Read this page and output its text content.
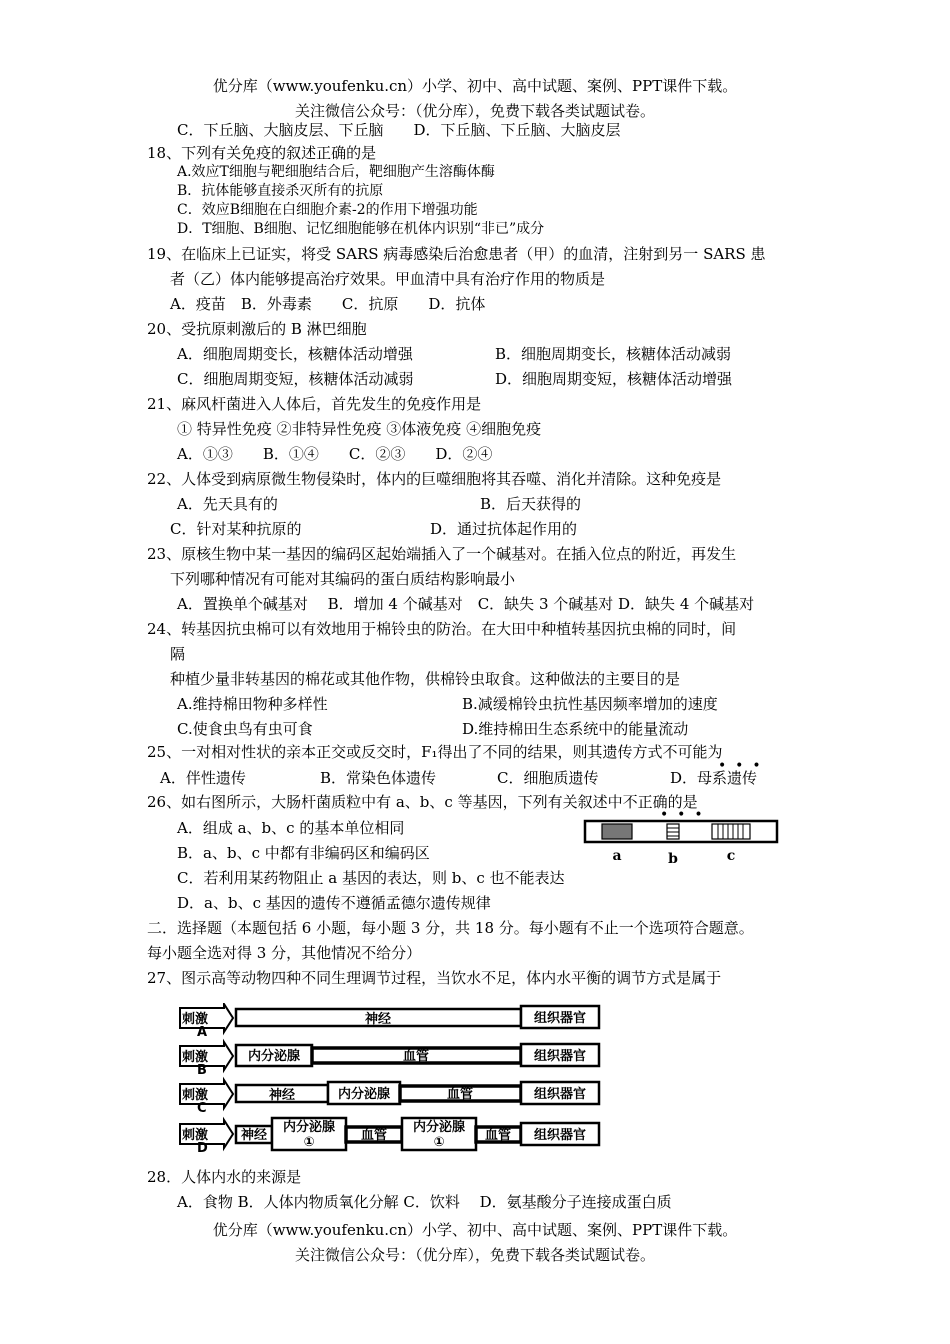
优分库（www.youfenku.cn）小学、初中、高中试题、案例、PPT课件下载。
关注微信公众号：（优分库），免费下载各类试题试卷。
C．下丘脑、大脑皮层、下丘脑　　D．下丘脑、下丘脑、大脑皮层
18、下列有关免疫的叙述正确的是
A.效应T细胞与靶细胞结合后，靶细胞产生溶酶体酶
B．抗体能够直接杀灭所有的抗原
C．效应B细胞在白细胞介素-2的作用下增强功能
D．T细胞、B细胞、记忆细胞能够在机体内识别“非已”成分
19、在临床上已证实，将受 SARS 病毒感染后治愈患者（甲）的血清，注射到另一 SARS 患
者（乙）体内能够提高治疗效果。甲血清中具有治疗作用的物质是
A．疫苗　B．外毒素　　C．抗原　　D．抗体
20、受抗原刺激后的 B 淋巴细胞
A．细胞周期变长，核糖体活动增强	B．细胞周期变长，核糖体活动减弱
C．细胞周期变短，核糖体活动减弱	D．细胞周期变短，核糖体活动增强
21、麻风杆菌进入人体后，首先发生的免疫作用是
① 特异性免疫 ②非特异性免疫 ③体液免疫 ④细胞免疫
A．①③　　B．①④　　C．②③　　D．②④
22、人体受到病原微生物侵染时，体内的巨噬细胞将其吞噬、消化并清除。这种免疫是
A．先天具有的	B．后天获得的
C．针对某种抗原的	D．通过抗体起作用的
23、原核生物中某一基因的编码区起始端插入了一个碱基对。在插入位点的附近，再发生
下列哪种情况有可能对其编码的蛋白质结构影响最小
A．置换单个碱基对　 B．增加 4 个碱基对　C．缺失 3 个碱基对 D．缺失 4 个碱基对
24、转基因抗虫棉可以有效地用于棉铃虫的防治。在大田中种植转基因抗虫棉的同时，间
隔
种植少量非转基因的棉花或其他作物，供棉铃虫取食。这种做法的主要目的是
A.维持棉田物种多样性	B.减缓棉铃虫抗性基因频率增加的速度
C.使食虫鸟有虫可食	D.维持棉田生态系统中的能量流动
25、一对相对性状的亲本正交或反交时，F₁得出了不同的结果，则其遗传方式不可能为
•  •  •
A．伴性遗传	B．常染色体遗传	C．细胞质遗传	D．母系遗传
26、如右图所示，大肠杆菌质粒中有 a、b、c 等基因，下列有关叙述中不正确的是
•  •  •
A．组成 a、b、c 的基本单位相同
B．a、b、c 中都有非编码区和编码区
C．若利用某药物阻止 a 基因的表达，则 b、c 也不能表达
D．a、b、c 基因的遗传不遵循孟德尔遗传规律
a	b	c
二．选择题（本题包括 6 小题，每小题 3 分，共 18 分。每小题有不止一个选项符合题意。
每小题全选对得 3 分，其他情况不给分）
27、图示高等动物四种不同生理调节过程，当饮水不足，体内水平衡的调节方式是属于
刺激
A
神经	组织器官
刺激
B
内分泌腺	血管	组织器官
刺激
C
神经	内分泌腺	血管	组织器官
刺激
D
神经
内分泌腺
①	血管
内分泌腺
①	血管 组织器官
28．人体内水的来源是
A．食物 B．人体内物质氧化分解 C．饮料　 D．氨基酸分子连接成蛋白质
优分库（www.youfenku.cn）小学、初中、高中试题、案例、PPT课件下载。
关注微信公众号：（优分库），免费下载各类试题试卷。
